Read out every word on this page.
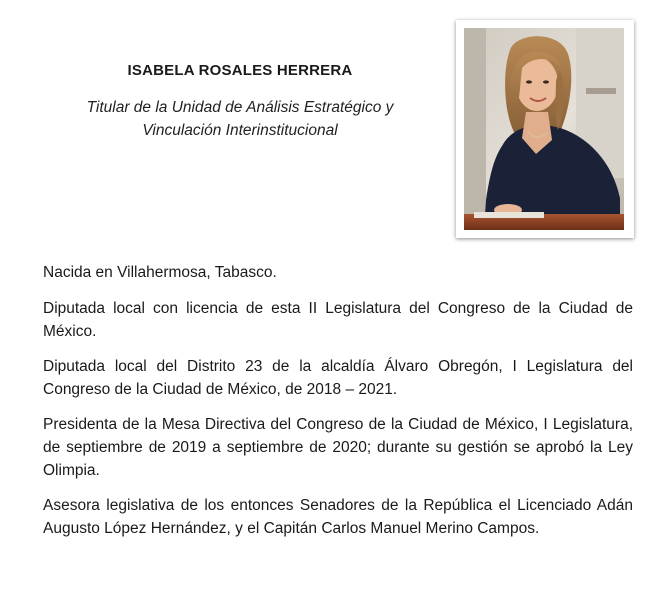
ISABELA ROSALES HERRERA
Titular de la Unidad de Análisis Estratégico y
Vinculación Interinstitucional

Nacida en Villahermosa, Tabasco.

Diputada local con licencia de esta II Legislatura del Congreso de la Ciudad de México.

Diputada local del Distrito 23 de la alcaldía Álvaro Obregón, I Legislatura del Congreso de la Ciudad de México, de 2018 – 2021.

Presidenta de la Mesa Directiva del Congreso de la Ciudad de México, I Legislatura, de septiembre de 2019 a septiembre de 2020; durante su gestión se aprobó la Ley Olimpia.

Asesora legislativa de los entonces Senadores de la República el Licenciado Adán Augusto López Hernández, y el Capitán Carlos Manuel Merino Campos.
